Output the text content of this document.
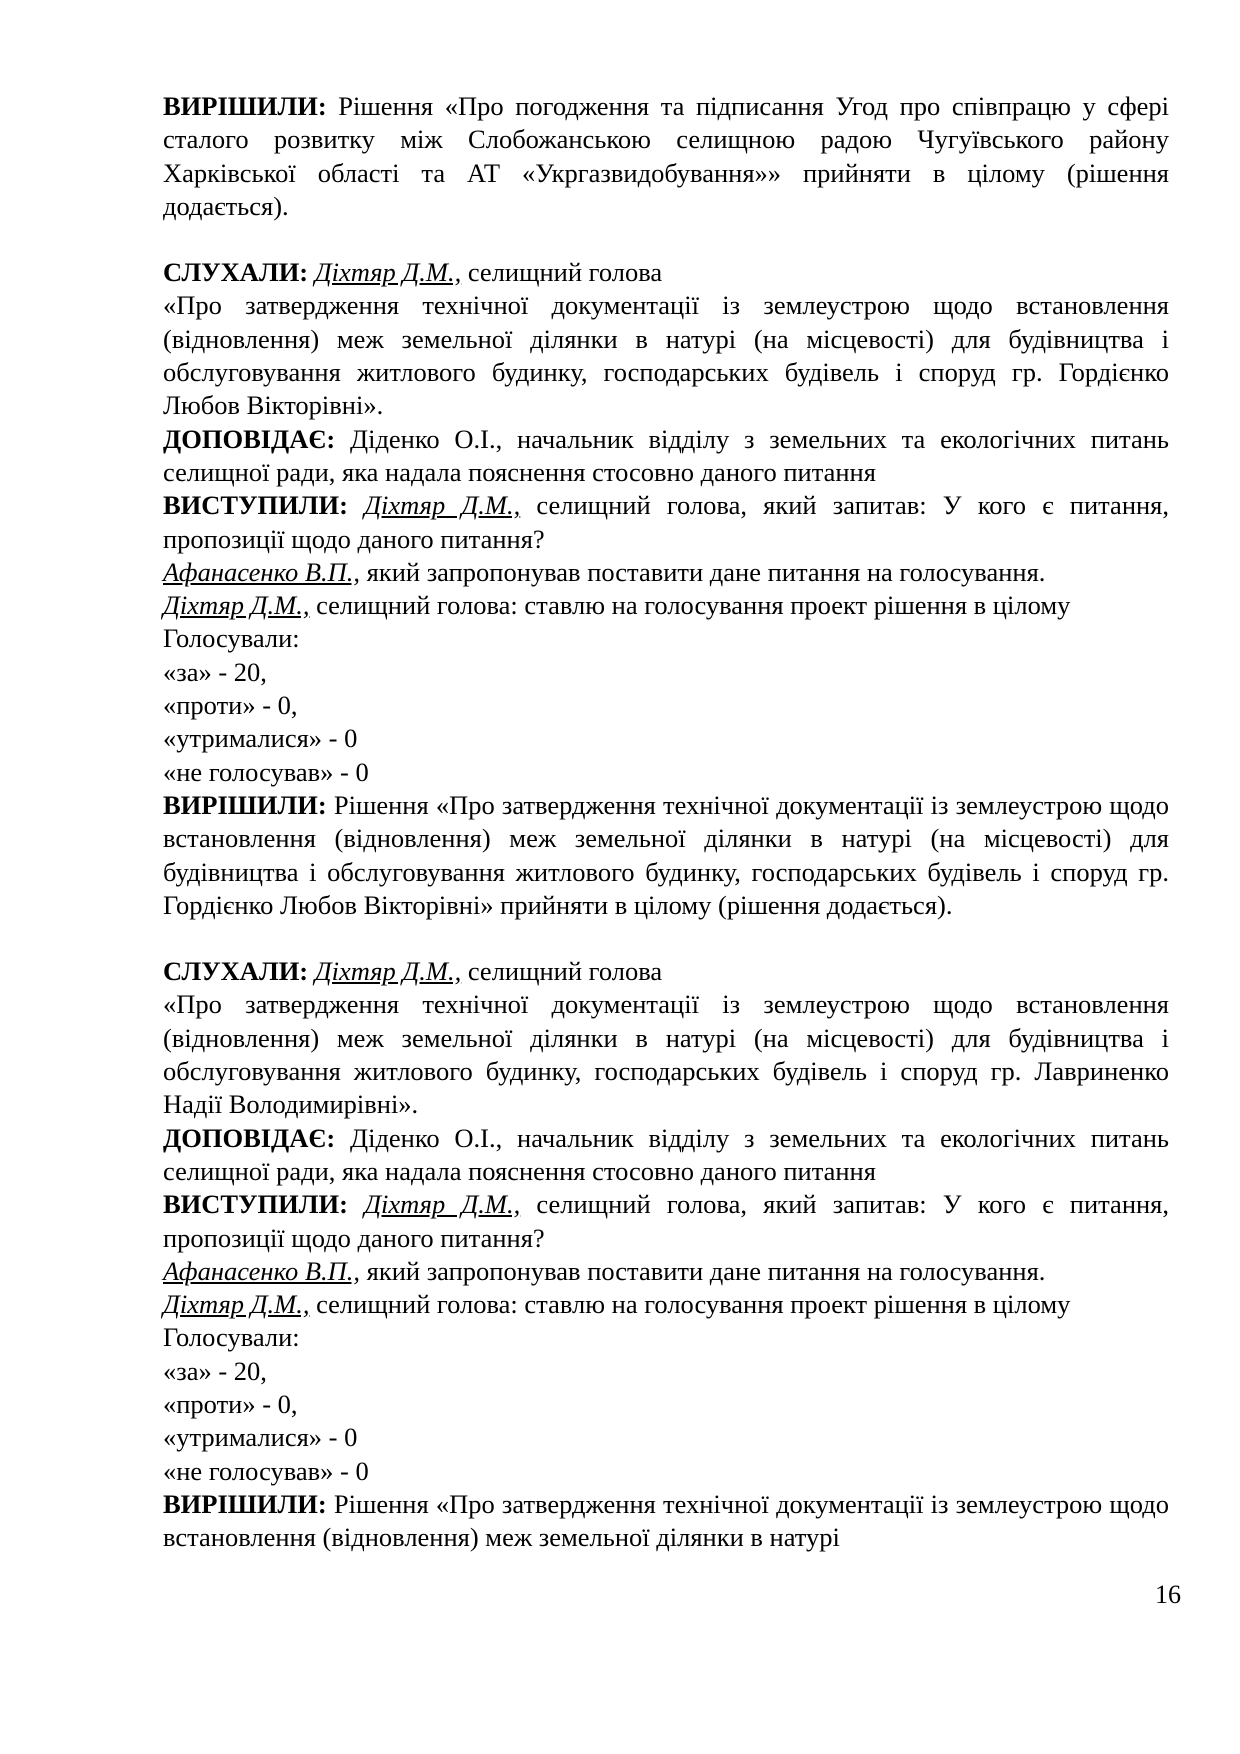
ВИРІШИЛИ: Рішення «Про погодження та підписання Угод про співпрацю у сфері сталого розвитку між Слобожанською селищною радою Чугуївського району Харківської області та АТ «Укргазвидобування»» прийняти в цілому (рішення додається).

СЛУХАЛИ: Діхтяр Д.М., селищний голова

«Про затвердження технічної документації із землеустрою щодо встановлення (відновлення) меж земельної ділянки в натурі (на місцевості) для будівництва і обслуговування житлового будинку, господарських будівель і споруд гр. Гордієнко Любов Вікторівні».

ДОПОВІДАЄ: Діденко О.І., начальник відділу з земельних та екологічних питань селищної ради, яка надала пояснення стосовно даного питання

ВИСТУПИЛИ: Діхтяр Д.М., селищний голова, який запитав: У кого є питання, пропозиції щодо даного питання?

Афанасенко В.П., який запропонував поставити дане питання на голосування.

Діхтяр Д.М., селищний голова: ставлю на голосування проект рішення в цілому

Голосували:

«за» - 20,

«проти» - 0,

«утрималися» - 0

«не голосував» - 0

ВИРІШИЛИ: Рішення «Про затвердження технічної документації із землеустрою щодо встановлення (відновлення) меж земельної ділянки в натурі (на місцевості) для будівництва і обслуговування житлового будинку, господарських будівель і споруд гр. Гордієнко Любов Вікторівні» прийняти в цілому (рішення додається).

СЛУХАЛИ: Діхтяр Д.М., селищний голова

«Про затвердження технічної документації із землеустрою щодо встановлення (відновлення) меж земельної ділянки в натурі (на місцевості) для будівництва і обслуговування житлового будинку, господарських будівель і споруд гр. Лавриненко Надії Володимирівні».

ДОПОВІДАЄ: Діденко О.І., начальник відділу з земельних та екологічних питань селищної ради, яка надала пояснення стосовно даного питання

ВИСТУПИЛИ: Діхтяр Д.М., селищний голова, який запитав: У кого є питання, пропозиції щодо даного питання?

Афанасенко В.П., який запропонував поставити дане питання на голосування.

Діхтяр Д.М., селищний голова: ставлю на голосування проект рішення в цілому

Голосували:

«за» - 20,

«проти» - 0,

«утрималися» - 0

«не голосував» - 0

ВИРІШИЛИ: Рішення «Про затвердження технічної документації із землеустрою щодо встановлення (відновлення) меж земельної ділянки в натурі

16
